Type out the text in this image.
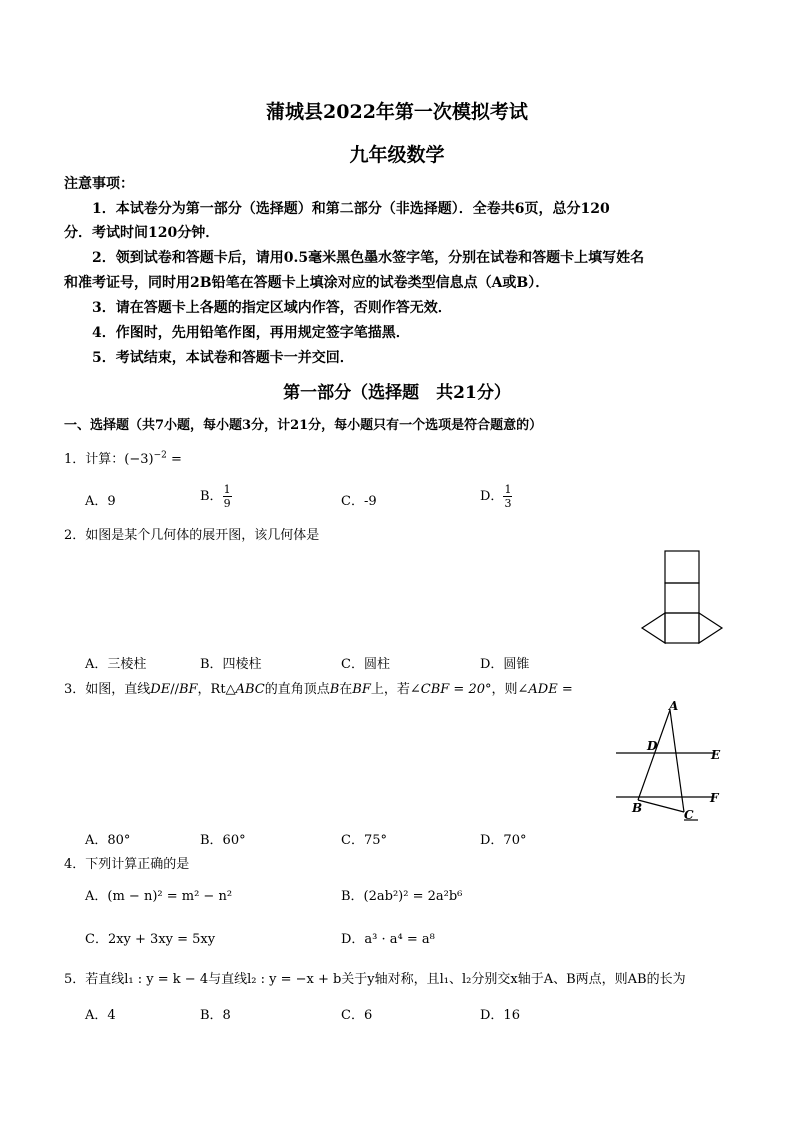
蒲城县2022年第一次模拟考试
九年级数学
注意事项：
1．本试卷分为第一部分（选择题）和第二部分（非选择题）．全卷共6页，总分120
分．考试时间120分钟．
2．领到试卷和答题卡后，请用0.5毫米黑色墨水签字笔，分别在试卷和答题卡上填写姓名
和准考证号，同时用2B铅笔在答题卡上填涂对应的试卷类型信息点（A或B）．
3．请在答题卡上各题的指定区域内作答，否则作答无效．
4．作图时，先用铅笔作图，再用规定签字笔描黑．
5．考试结束，本试卷和答题卡一并交回．
第一部分（选择题　共21分）
一、选择题（共7小题，每小题3分，计21分，每小题只有一个选项是符合题意的）
1．计算：$(-3)^{-2}$ =
A．9	B． $\frac{1}{9}$	C．-9	D． $\frac{1}{3}$
2．如图是某个几何体的展开图，该几何体是
A．三棱柱	B．四棱柱	C．圆柱	D．圆锥
3．如图，直线DE//BF，Rt△ABC的直角顶点B在BF上，若∠CBF = 20°，则∠ADE =
A
D
E
F
B	C
A．80°	B．60°	C．75°	D．70°
4．下列计算正确的是
A．(m − n)² = m² − n²	B．(2ab²)² = 2a²b⁶
C．2xy + 3xy = 5xy	D．a³ · a⁴ = a⁸
5．若直线l₁ : y = k − 4与直线l₂ : y = −x + b关于y轴对称，且l₁、l₂分别交x轴于A、B两点，则AB的长为
A．4	B．8	C．6	D．16
